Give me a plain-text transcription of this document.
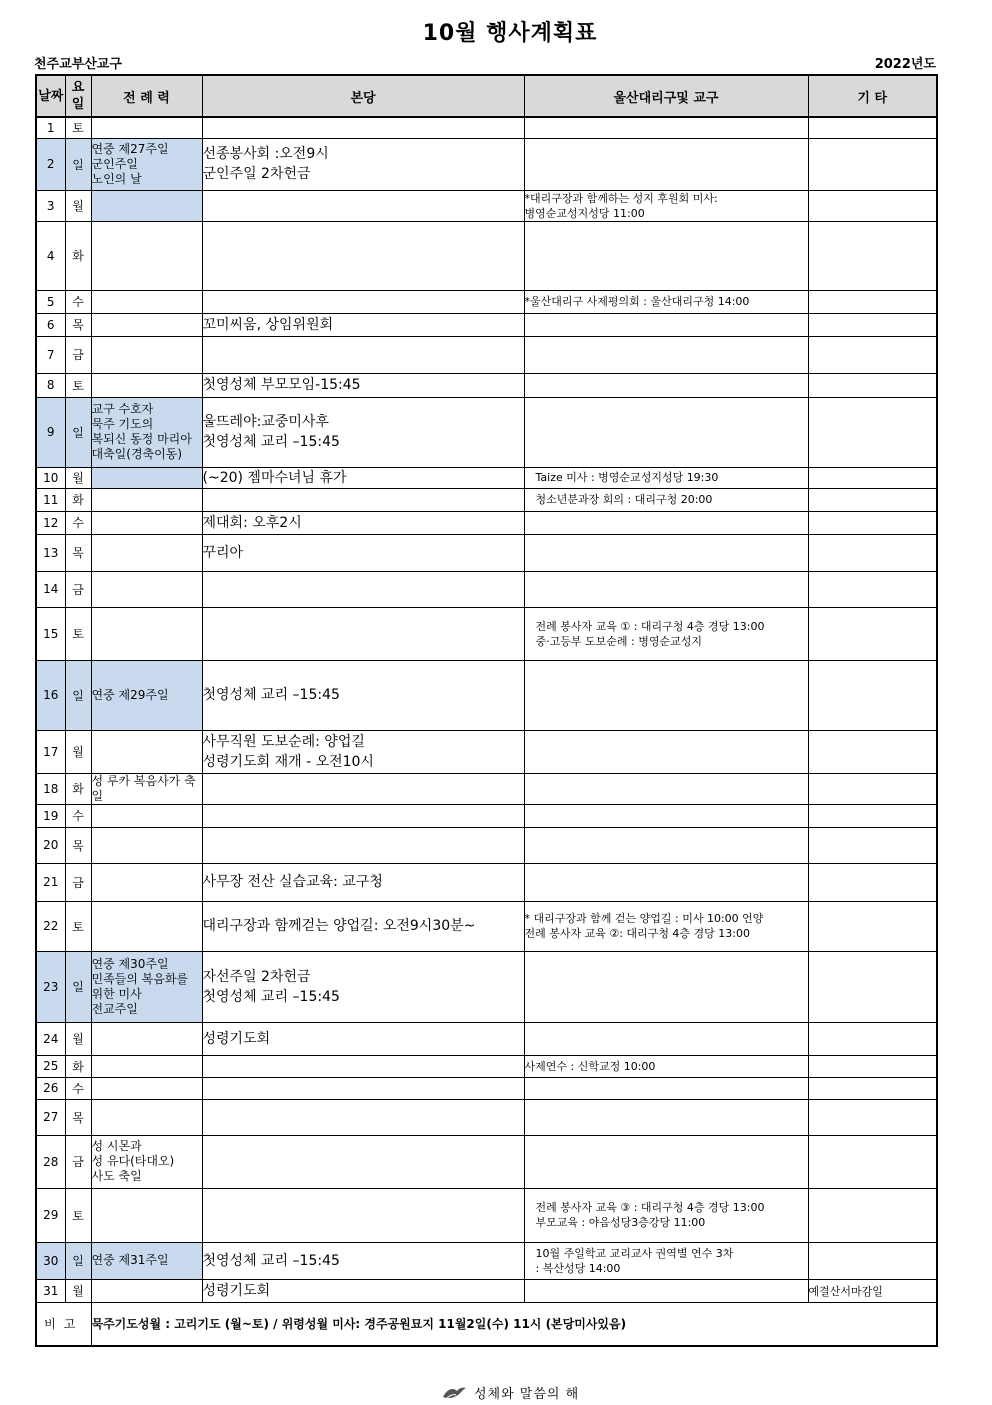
10월 행사계획표
천주교부산교구	2022년도
날짜	요일	전 례 력	본당	울산대리구및 교구	기 타
1	토				
2	일	연중 제27주일
군인주일
노인의 날	선종봉사회 :오전9시
군인주일 2차헌금		
3	월			*대리구장과 함께하는 성지 후원회 미사:
병영순교성지성당 11:00	
4	화				
5	수			*울산대리구 사제평의회 : 울산대리구청 14:00	
6	목		꼬미씨움, 상임위원회		
7	금				
8	토		첫영성체 부모모임-15:45		
9	일	교구 수호자
묵주 기도의
복되신 동정 마리아
대축일(경축이동)	울뜨레야:교중미사후
첫영성체 교리 –15:45		
10	월		(~20) 젬마수녀님 휴가	Taize 미사 : 병영순교성지성당 19:30	
11	화			청소년분과장 회의 : 대리구청 20:00	
12	수		제대회: 오후2시		
13	목		꾸리아		
14	금				
15	토			전례 봉사자 교육 ① : 대리구청 4층 경당 13:00
중·고등부 도보순례 : 병영순교성지	
16	일	연중 제29주일	첫영성체 교리 –15:45		
17	월		사무직원 도보순례: 양업길
성령기도회 재개 - 오전10시		
18	화	성 루카 복음사가 축일			
19	수				
20	목				
21	금		사무장 전산 실습교육: 교구청		
22	토		대리구장과 함께걷는 양업길: 오전9시30분~	* 대리구장과 함께 걷는 양업길 : 미사 10:00 언양
전례 봉사자 교육 ②: 대리구청 4층 경당 13:00	
23	일	연중 제30주일
민족들의 복음화를
위한 미사
전교주일	자선주일 2차헌금
첫영성체 교리 –15:45		
24	월		성령기도회		
25	화			사제연수 : 신학교정 10:00	
26	수				
27	목				
28	금	성 시몬과
성 유다(타대오)
사도 축일			
29	토			전례 봉사자 교육 ③ : 대리구청 4층 경당 13:00
부모교육 : 야음성당3층강당 11:00	
30	일	연중 제31주일	첫영성체 교리 –15:45	10월 주일학교 교리교사 권역별 연수 3차
: 복산성당 14:00	
31	월		성령기도회		예결산서마감일
비고		묵주기도성월 : 고리기도 (월~토) / 위령성월 미사: 경주공원묘지 11월2일(수) 11시 (본당미사있음)			
성체와 말씀의 해
